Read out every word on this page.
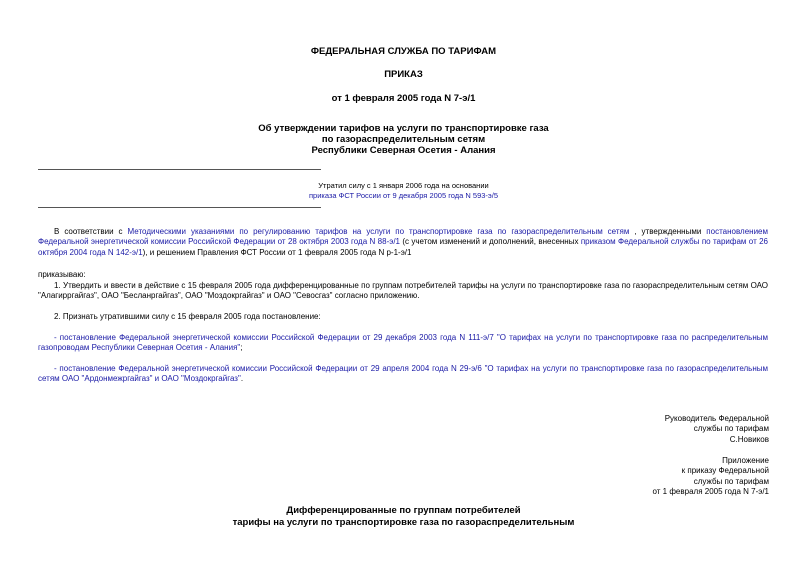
ФЕДЕРАЛЬНАЯ СЛУЖБА ПО ТАРИФАМ
ПРИКАЗ
от 1 февраля 2005 года N 7-э/1
Об утверждении тарифов на услуги по транспортировке газа
по газораспределительным сетям
Республики Северная Осетия - Алания
Утратил силу с 1 января 2006 года на основании
приказа ФСТ России от 9 декабря 2005 года N 593-э/5
В соответствии с Методическими указаниями по регулированию тарифов на услуги по транспортировке газа по газораспределительным сетям , утвержденными постановлением Федеральной энергетической комиссии Российской Федерации от 28 октября 2003 года N 88-э/1 (с учетом изменений и дополнений, внесенных приказом Федеральной службы по тарифам от 26 октября 2004 года N 142-э/1), и решением Правления ФСТ России от 1 февраля 2005 года N р-1-э/1
приказываю:
1. Утвердить и ввести в действие с 15 февраля 2005 года дифференцированные по группам потребителей тарифы на услуги по транспортировке газа по газораспределительным сетям ОАО "Алагирргайгаз", ОАО "Бесланргайгаз", ОАО "Моздокргайгаз" и ОАО "Севосгаз" согласно приложению.
2. Признать утратившими силу с 15 февраля 2005 года постановление:
- постановление Федеральной энергетической комиссии Российской Федерации от 29 декабря 2003 года N 111-э/7 "О тарифах на услуги по транспортировке газа по распределительным газопроводам Республики Северная Осетия - Алания";
- постановление Федеральной энергетической комиссии Российской Федерации от 29 апреля 2004 года N 29-э/6 "О тарифах на услуги по транспортировке газа по газораспределительным сетям ОАО "Ардонмежргайгаз" и ОАО "Моздокргайгаз".
Руководитель Федеральной
службы по тарифам
С.Новиков
Приложение
к приказу Федеральной
службы по тарифам
от 1 февраля 2005 года N 7-э/1
Дифференцированные по группам потребителей
тарифы на услуги по транспортировке газа по газораспределительным
